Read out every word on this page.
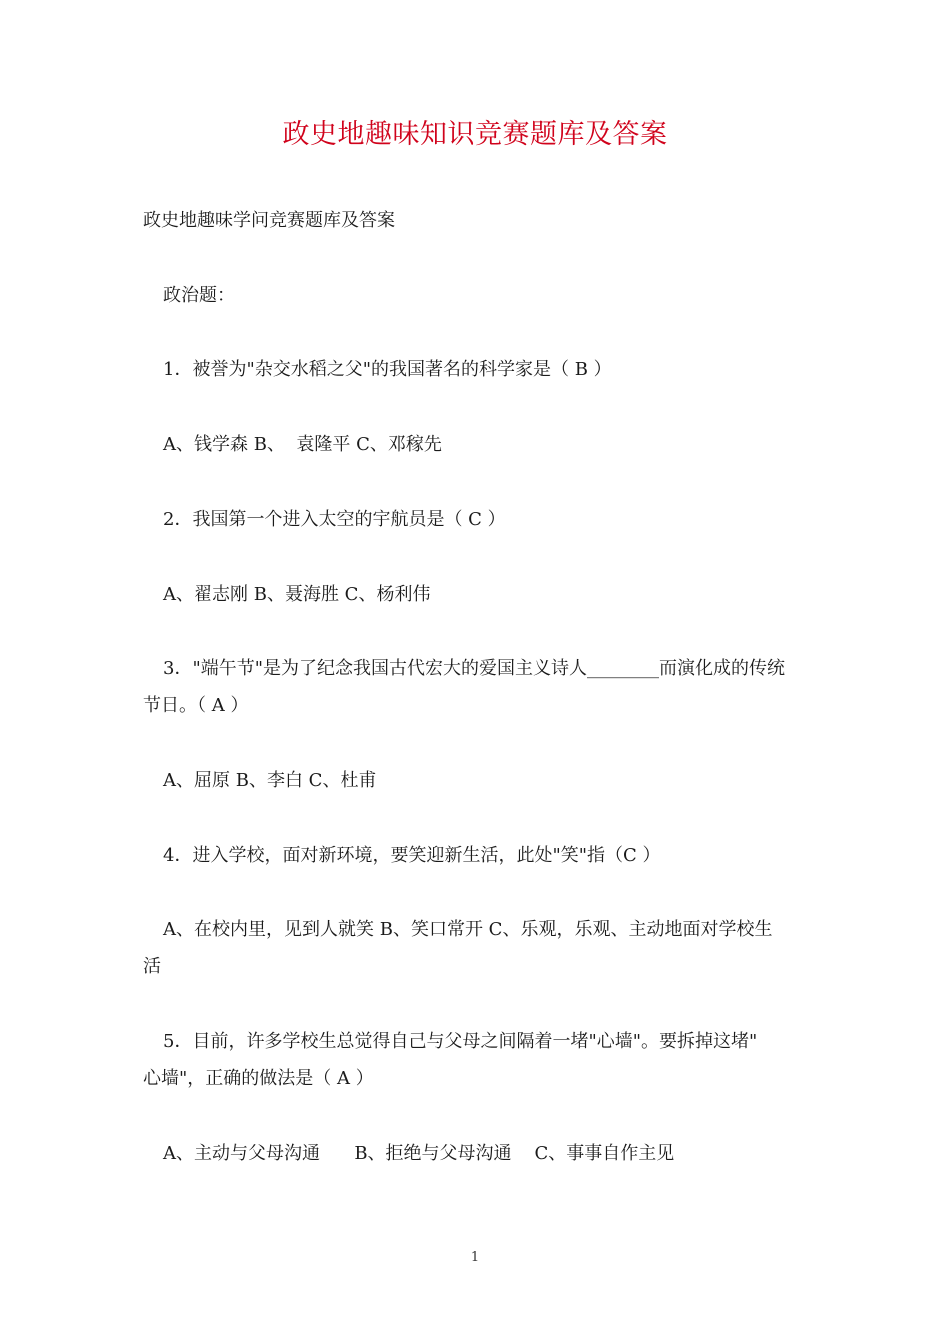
政史地趣味知识竞赛题库及答案

政史地趣味学问竞赛题库及答案

政治题：

1．被誉为"杂交水稻之父"的我国著名的科学家是（ B ）

A、钱学森 B、  袁隆平 C、邓稼先

2．我国第一个进入太空的宇航员是（ C ）

A、翟志刚 B、聂海胜 C、杨利伟

3．"端午节"是为了纪念我国古代宏大的爱国主义诗人________而演化成的传统

节日。（ A ）

A、屈原 B、李白 C、杜甫

4．进入学校，面对新环境，要笑迎新生活，此处"笑"指（C ）

A、在校内里，见到人就笑 B、笑口常开 C、乐观，乐观、主动地面对学校生

活

5．目前，许多学校生总觉得自己与父母之间隔着一堵"心墙"。要拆掉这堵"

心墙"，正确的做法是（ A ）

A、主动与父母沟通      B、拒绝与父母沟通    C、事事自作主见

1
